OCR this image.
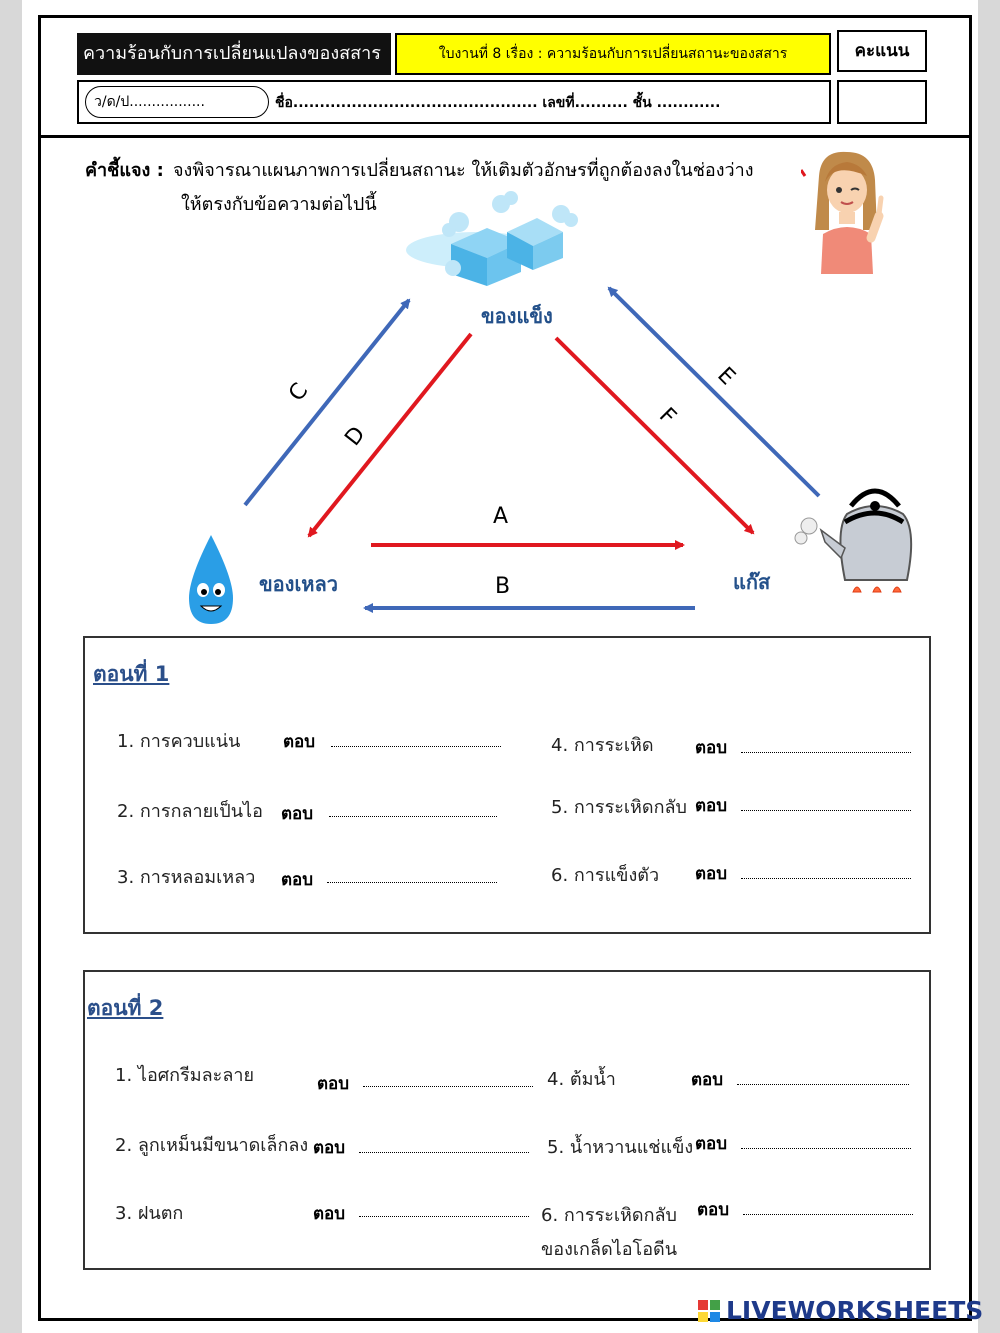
ความร้อนกับการเปลี่ยนแปลงของสสาร	ใบงานที่ 8 เรื่อง : ความร้อนกับการเปลี่ยนสถานะของสสาร	คะแนน
ว/ด/ป.................	ชื่อ.............................................. เลขที่.......... ชั้น ............
คำชี้แจง : จงพิจารณาแผนภาพการเปลี่ยนสถานะ ให้เติมตัวอักษรที่ถูกต้องลงในช่องว่าง
ให้ตรงกับข้อความต่อไปนี้
ของแข็ง
ของเหลว	แก๊ส
A
B
C
D
E
F
ตอนที่ 1
1. การควบแน่น	ตอบ
2. การกลายเป็นไอ ตอบ
3. การหลอมเหลว ตอบ
4. การระเหิด ตอบ
5. การระเหิดกลับ ตอบ
6. การแข็งตัว ตอบ
ตอนที่ 2
1. ไอศกรีมละลาย	ตอบ
2. ลูกเหม็นมีขนาดเล็กลง ตอบ
3. ฝนตก	ตอบ
4. ต้มน้ำ	ตอบ
5. น้ำหวานแช่แข็ง ตอบ
6. การระเหิดกลับ
ของเกล็ดไอโอดีน
ตอบ
LIVEWORKSHEETS
